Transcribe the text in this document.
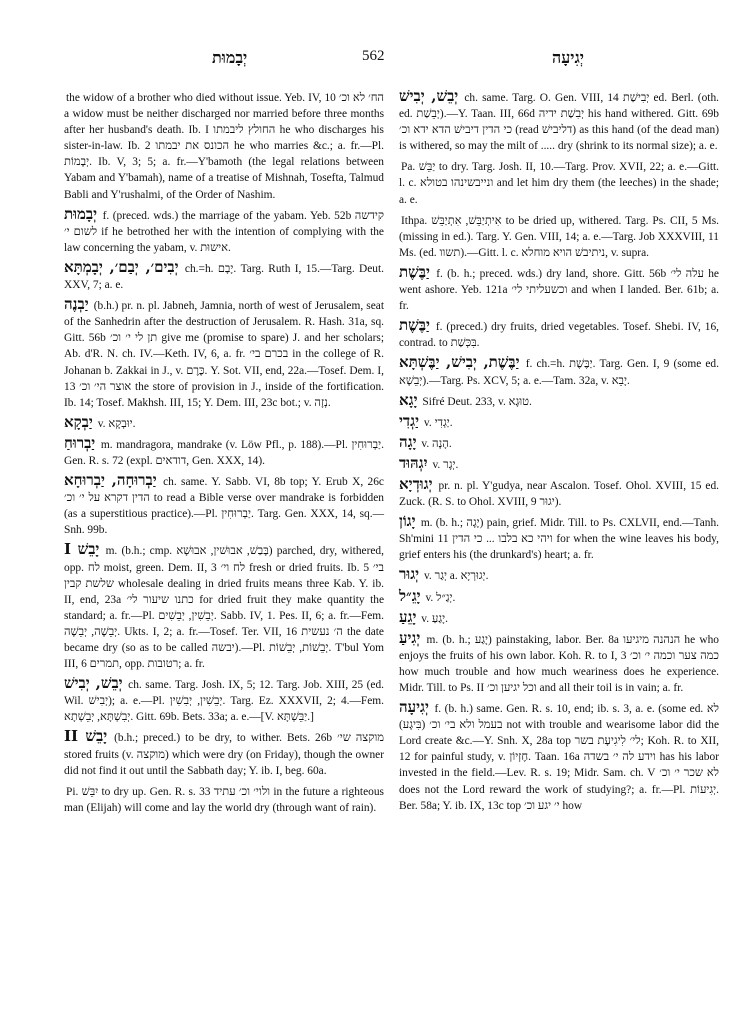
יְבָמוּת	562	יְגִיעָה
the widow of a brother who died without issue. Yeb. IV, 10 הח׳ לא וכ׳ a widow must be neither discharged nor married before three months after her husband's death. Ib. I החולץ ליבמתו he who discharges his sister-in-law. Ib. 2 הכונס את יבמתו he who marries &c.; a. fr.—Pl. יְבָמוֹת. Ib. V, 3; 5; a. fr.—Y'bamoth (the legal relations between Yabam and Y'bamah), name of a treatise of Mishnah, Tosefta, Talmud Babli and Y'rushalmi, of the Order of Nashim.
יְבָמוּת f. (preced. wds.) the marriage of the yabam. Yeb. 52b קידשה לשום י׳ if he betrothed her with the intention of complying with the law concerning the yabam, v. אישוּת.
יְבִים׳, יְבַם׳, יְבָמְתָּא ch.=h. יָבָם. Targ. Ruth I, 15.—Targ. Deut. XXV, 7; a. e.
יַבְנֶה (b.h.) pr. n. pl. Jabneh, Jamnia, north of west of Jerusalem, seat of the Sanhedrin after the destruction of Jerusalem. R. Hash. 31a, sq. Gitt. 56b תן לי י׳ וכ׳ give me (promise to spare) J. and her scholars; Ab. d'R. N. ch. IV.—Keth. IV, 6, a. fr. בכרם בי׳ in the college of R. Johanan b. Zakkai in J., v. כֶּרֶם. Y. Sot. VII, end, 22a.—Tosef. Dem. I, 13 אוצר הי׳ וכ׳ the store of provision in J., inside of the fortification. Ib. 14; Tosef. Makhsh. III, 15; Y. Dem. III, 23c bot.; v. נְזָה.
יַבְקָא v. יוּבְקָא.
יַבְרוּחַ m. mandragora, mandrake (v. Löw Pfl., p. 188).—Pl. יַבְרוּחִין. Gen. R. s. 72 (expl. דודאים, Gen. XXX, 14).
יַבְרוּחָה, יַבְרוּחָא ch. same. Y. Sabb. VI, 8b top; Y. Erub X, 26c הדין דקרא על י׳ וכ׳ to read a Bible verse over mandrake is forbidden (as a superstitious practice).—Pl. יַבְרוּחִין. Targ. Gen. XXX, 14, sq.—Snh. 99b.
יָבֵשׁ I m. (b.h.; cmp. בָּבַשׁ, אבוּשׁין, אבוּשָׁא) parched, dry, withered, opp. לח moist, green. Dem. II, 3 לח וי׳ fresh or dried fruits. Ib. 5 בי׳ שלשת קבין wholesale dealing in dried fruits means three Kab. Y. ib. II, end, 23a כתנו שיעור לי׳ for dried fruit they make quantity the standard; a. fr.—Pl. יְבֵשִׁין, יְבֵשִׁים. Sabb. IV, 1. Pes. II, 6; a. fr.—Fem. יְבֵשָׁה, יְבֵשָׁה. Ukts. I, 2; a. fr.—Tosef. Ter. VII, 16 ה׳ נעשית the date became dry (so as to be called יבשה).—Pl. יְבֵשׁוֹת, יְבֵשׁוֹת. T'bul Yom III, 6 תמרים, opp. רטובות; a. fr.
יְבֵשׁ, יְבִישׁ ch. same. Targ. Josh. IX, 5; 12. Targ. Job. XIII, 25 (ed. Wil. יְבִישׁ); a. e.—Pl. יְבֵשִׁין, יְבִשִׁין. Targ. Ez. XXXVII, 2; 4.—Fem. יְבִשְׁתָּא, יְבֵשְׁתָא. Gitt. 69b. Bets. 33a; a. e.—[V. יַבֵּשְׁתָּא.]
יָבֵשׁ II (b.h.; preced.) to be dry, to wither. Bets. 26b מוקצה שי׳ stored fruits (v. מוקצה) which were dry (on Friday), though the owner did not find it out until the Sabbath day; Y. ib. I, beg. 60a.
Pi. יִבֵּשׁ to dry up. Gen. R. s. 33 ולוי׳ וכ׳ עתיד in the future a righteous man (Elijah) will come and lay the world dry (through want of rain).
יְבֵשׁ, יְבִישׁ ch. same. Targ. O. Gen. VIII, 14 יְבִישַׁת ed. Berl. (oth. ed. יְבֵשַׁת).—Y. Taan. III, 66d יְבִשַׁת ידיה his hand withered. Gitt. 69b כי הדין דיבישׁ הדא ידא וכ׳ (read דליבישׁ) as this hand (of the dead man) is withered, so may the milt of ..... dry (shrink to its normal size); a. e.
Pa. יַבֵּשׁ to dry. Targ. Josh. II, 10.—Targ. Prov. XVII, 22; a. e.—Gitt. l. c. ונייבשינהו בטולא and let him dry them (the leeches) in the shade; a. e.
Ithpa. אִיתְיַבֵּשׁ, אִתְיַבֵּשׁ to be dried up, withered. Targ. Ps. CII, 5 Ms. (missing in ed.). Targ. Y. Gen. VIII, 14; a. e.—Targ. Job XXXVIII, 11 Ms. (ed. תשוו).—Gitt. l. c. ניתיבשׁ הויא מוחלא, v. supra.
יַבֶּשֶׁת f. (b. h.; preced. wds.) dry land, shore. Gitt. 56b עלה לי׳ he went ashore. Yeb. 121a וכשעליתי לי׳ and when I landed. Ber. 61b; a. fr.
יַבֶּשֶׁת f. (preced.) dry fruits, dried vegetables. Tosef. Shebi. IV, 16, contrad. to בִּכְּשַׁת.
יַבֶּשֶׁת, יְבִישׁ, יַבֶּשְׁתָּא f. ch.=h. יַבֶּשֶׁת. Targ. Gen. I, 9 (some ed. יְבֵשָׁא).—Targ. Ps. XCV, 5; a. e.—Tam. 32a, v. יָבֵא.
יָגָא Sifré Deut. 233, v. טוּגָא.
יַגְדִי v. יַגְדִי.
יָגָה v. הָנָה.
יִגְהּוּד v. יְגָר.
יְגוּדְיָא pr. n. pl. Y'gudya, near Ascalon. Tosef. Ohol. XVIII, 15 ed. Zuck. (R. S. to Ohol. XVIII, 9 יגוּר).
יָגוֹן m. (b. h.; יָגָה) pain, grief. Midr. Till. to Ps. CXLVII, end.—Tanh. Sh'mini 11 ויהי כא בלבו ... כי הדין for when the wine leaves his body, grief enters his (the drunkard's) heart; a. fr.
יְגוּר v. יְגַר a. יְגוּרְיָא.
יָגֵ״ל v. יְגַ״ל.
יָגֵעַ v. יָגַעַ.
יְגִיעַ m. (b. h.; יָגַע) painstaking, labor. Ber. 8a הנהנה מיגיעו he who enjoys the fruits of his own labor. Koh. R. to I, 3 כמה צער וכמה י׳ וכ׳ how much trouble and how much weariness does he experience. Midr. Till. to Ps. II וכל יגיען וכ׳ and all their toil is in vain; a. fr.
יְגִיעָה f. (b. h.) same. Gen. R. s. 10, end; ib. s. 3, a. e. (some ed. לא בעמל ולא בי׳ וכ׳ (בִּיגָע) not with trouble and wearisome labor did the Lord create &c.—Y. Snh. X, 28a top לי׳ לִיגִיעָת בשר; Koh. R. to XII, 12 for painful study, v. חֶזְיוֹן. Taan. 16a וידע לה י׳ בשדה has his labor invested in the field.—Lev. R. s. 19; Midr. Sam. ch. V לא שכר י׳ וכ׳ does not the Lord reward the work of studying?; a. fr.—Pl. יְגִיעוֹת. Ber. 58a; Y. ib. IX, 13c top י׳ יגע וכ׳ how
